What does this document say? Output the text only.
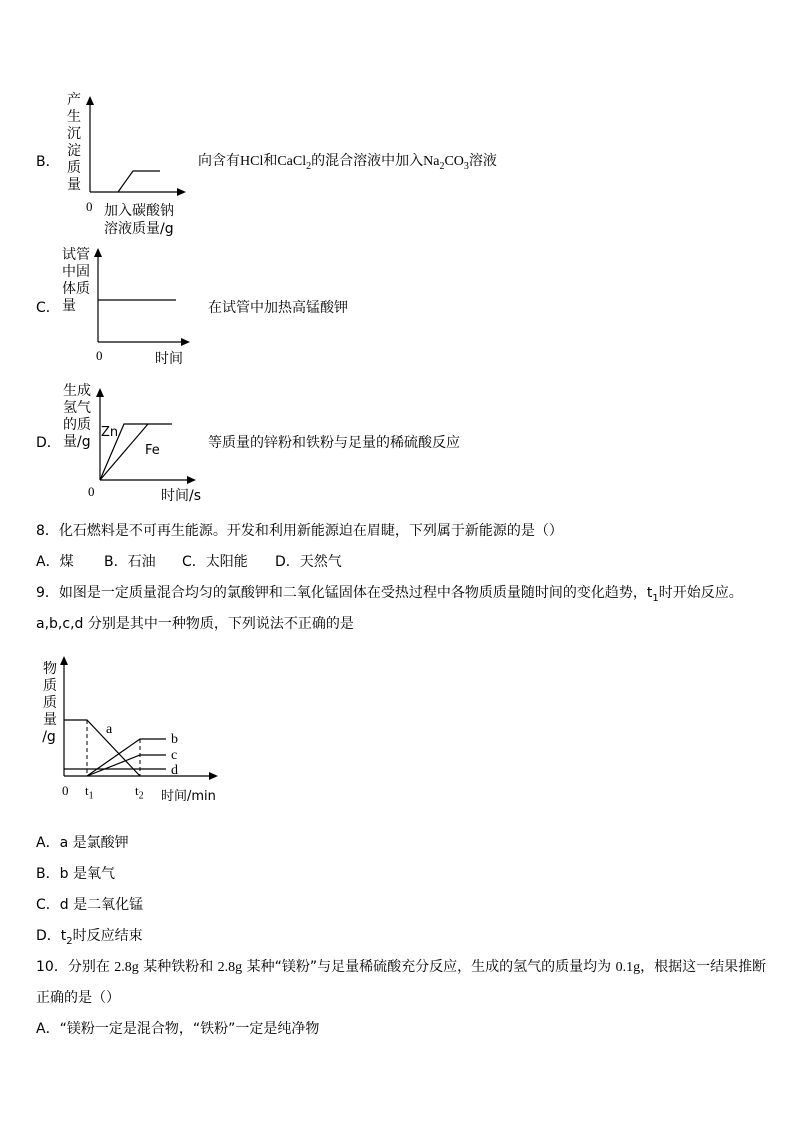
B．
产
生
沉
淀
质
量
0 加入碳酸钠
溶液质量/g
向含有HCl和CaCl$_2$的混合溶液中加入$Na_2CO_3$溶液
C．
试管
中固
体质
量
0	时间
在试管中加热高锰酸钾
D．
生成
氢气
的质
量/g
Zn
Fe
0	时间/s
等质量的锌粉和铁粉与足量的稀硫酸反应
8．化石燃料是不可再生能源。开发和利用新能源迫在眉睫，下列属于新能源的是（）
A．煤 B．石油 C．太阳能 D．天然气
9．如图是一定质量混合均匀的氯酸钾和二氧化锰固体在受热过程中各物质质量随时间的变化趋势，$t_1$时开始反应。
a,b,c,d 分别是其中一种物质，下列说法不正确的是
物
质
质
量
/g	a
b
c
d
0 $t_1$	$t_2$ 时间/min
A．a 是氯酸钾
B．b 是氧气
C．d 是二氧化锰
D．$t_2$时反应结束
10．分别在 2.8g 某种铁粉和 2.8g 某种“镁粉”与足量稀硫酸充分反应，生成的氢气的质量均为 0.1g，根据这一结果推断
正确的是（）
A．“镁粉一定是混合物，“铁粉”一定是纯净物
